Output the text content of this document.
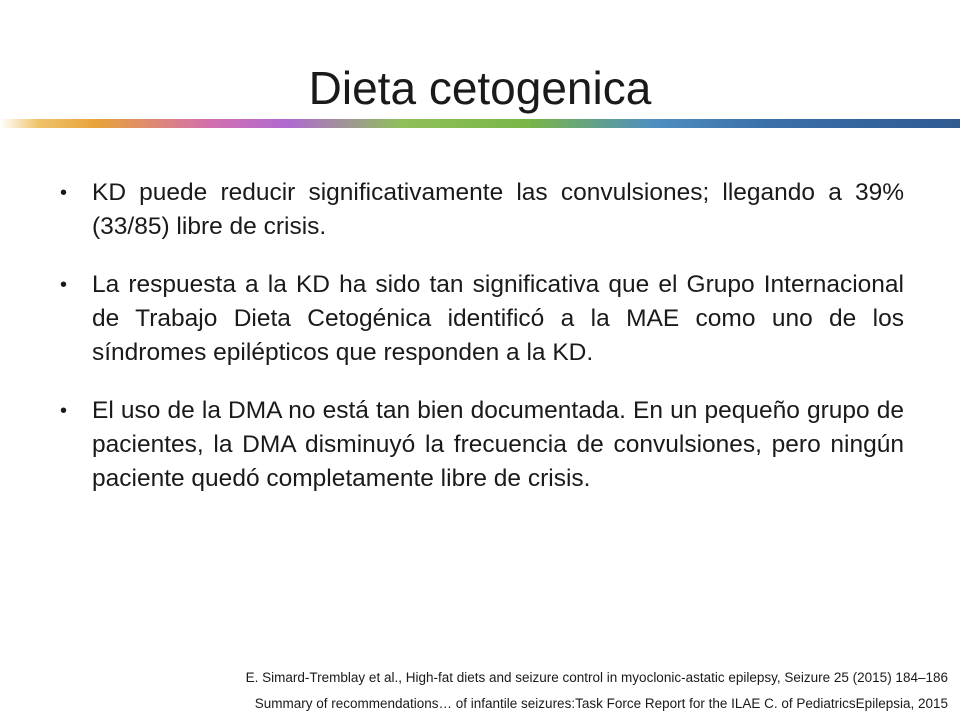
Dieta cetogenica
• KD puede reducir significativamente las convulsiones; llegando a 39% (33/85) libre de crisis.
• La respuesta a la KD ha sido tan significativa que el Grupo Internacional de Trabajo Dieta Cetogénica identificó a la MAE como uno de los síndromes epilépticos que responden a la KD.
• El uso de la DMA no está tan bien documentada. En un pequeño grupo de pacientes, la DMA disminuyó la frecuencia de convulsiones, pero ningún paciente quedó completamente libre de crisis.
E. Simard-Tremblay et al., High-fat diets and seizure control in myoclonic-astatic epilepsy, Seizure 25 (2015) 184–186
Summary of recommendations… of infantile seizures:Task Force Report for the ILAE C. of PediatricsEpilepsia, 2015
